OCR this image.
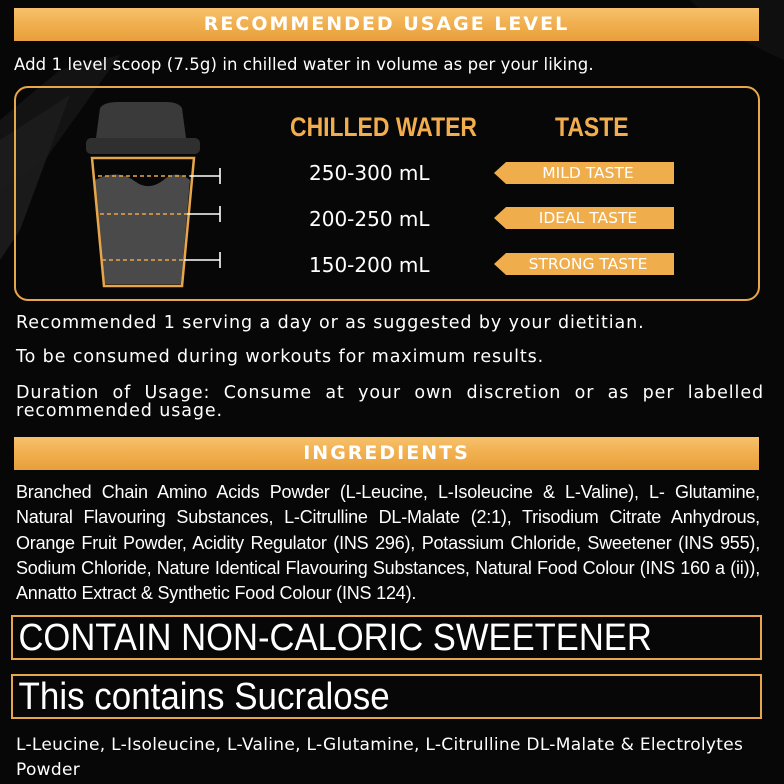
RECOMMENDED USAGE LEVEL
Add 1 level scoop (7.5g) in chilled water in volume as per your liking.
CHILLED WATER	TASTE
250-300 mL
200-250 mL
150-200 mL
MILD TASTE
IDEAL TASTE
STRONG TASTE
Recommended 1 serving a day or as suggested by your dietitian.
To be consumed during workouts for maximum results.
Duration of Usage: Consume at your own discretion or as per labelled recommended usage.
INGREDIENTS
Branched Chain Amino Acids Powder (L-Leucine, L-Isoleucine & L-Valine), L- Glutamine, Natural Flavouring Substances, L-Citrulline DL-Malate (2:1), Trisodium Citrate Anhydrous, Orange Fruit Powder, Acidity Regulator (INS 296), Potassium Chloride, Sweetener (INS 955), Sodium Chloride, Nature Identical Flavouring Substances, Natural Food Colour (INS 160 a (ii)), Annatto Extract & Synthetic Food Colour (INS 124).
CONTAIN NON-CALORIC SWEETENER
This contains Sucralose
L-Leucine, L-Isoleucine, L-Valine, L-Glutamine, L-Citrulline DL-Malate & Electrolytes Powder
